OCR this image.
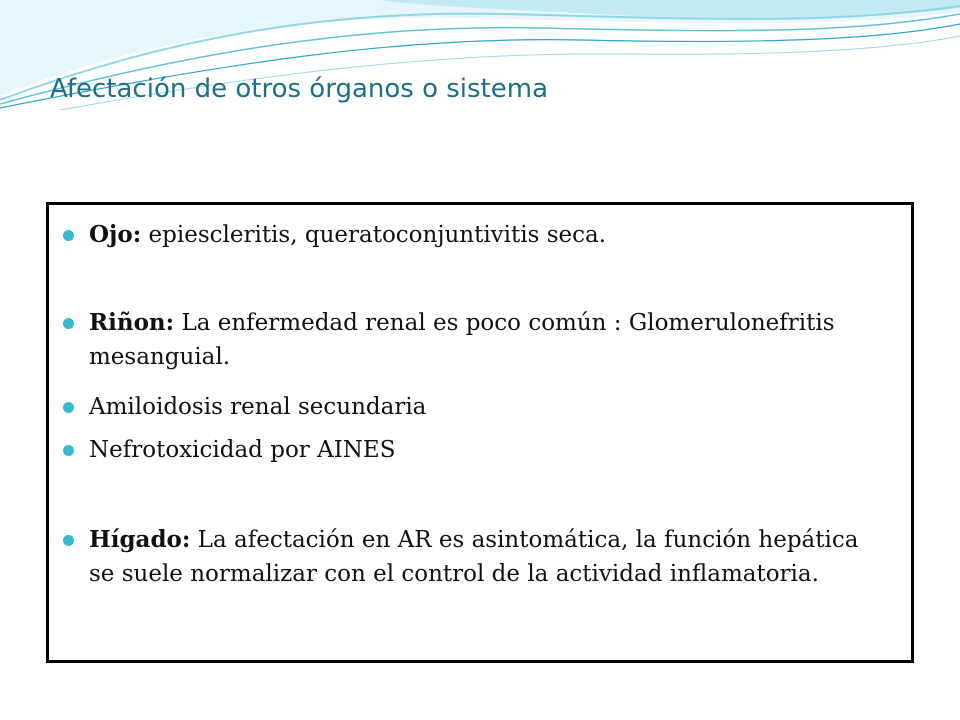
Afectación de otros órganos o sistema
Ojo: epiescleritis, queratoconjuntivitis seca.
Riñon: La enfermedad renal es poco común : Glomerulonefritis mesanguial.
Amiloidosis renal secundaria
Nefrotoxicidad por AINES
Hígado: La afectación en AR es asintomática, la función hepática se suele normalizar con el control de la actividad inflamatoria.
